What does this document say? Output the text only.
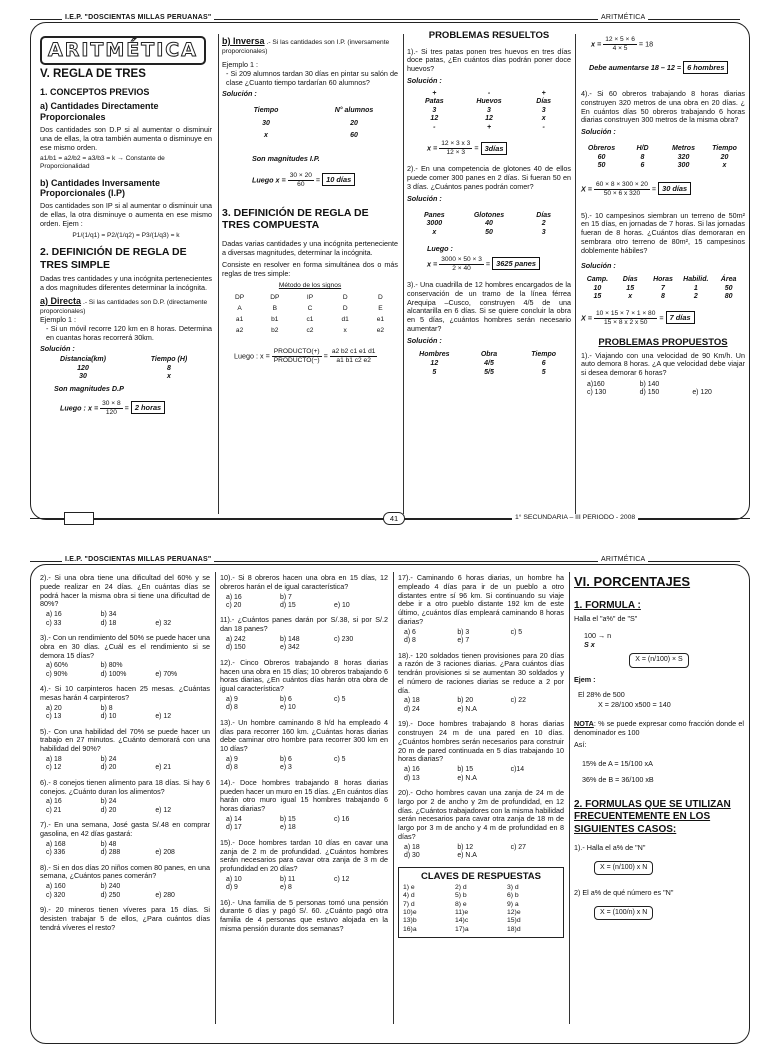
I.E.P. "DOSCIENTAS MILLAS PERUANAS"	ARITMÉTICA
ARITMÉTICA
V. REGLA DE TRES
1. CONCEPTOS PREVIOS
a) Cantidades Directamente Proporcionales

Dos cantidades son D.P si al aumentar o disminuir una de ellas, la otra también aumenta o disminuye en ese mismo orden.

a1/b1 = a2/b2 = a3/b3 = k → Constante de Proporcionalidad
b) Cantidades Inversamente Proporcionales (I.P)

Dos cantidades son IP si al aumentar o disminuir una de ellas, la otra disminuye o aumenta en ese mismo orden. Ejem :

P1/(1/q1) = P2/(1/q2) = P3/(1/q3) = k
2. DEFINICIÓN DE REGLA DE TRES SIMPLE

Dadas tres cantidades y una incógnita pertenecientes a dos magnitudes diferentes determinar la incógnita.

a) Directa .- Si las cantidades son D.P. (directamente proporcionales)
Ejemplo 1 :

- Si un móvil recorre 120 km en 8 horas. Determina en cuantas horas recorrerá 30km.

Solución :
Distancia(km)	Tiempo (H)
120	8
30	x
Son magnitudes D.P
Luego : $x = \frac{30 \times 8}{120} = 2$ horas
b) Inversa .- Si las cantidades son I.P. (inversamente proporcionales)
Ejemplo 1 :

- Si 209 alumnos tardan 30 días en pintar su salón de clase ¿Cuanto tiempo tardarían 60 alumnos?

Solución :
Tiempo	N° alumnos
30	20
x	60
Son magnitudes I.P.
Luego $x = \frac{30 \times 20}{60} = 10$ días
3. DEFINICIÓN DE REGLA DE TRES COMPUESTA

Dadas varias cantidades y una incógnita perteneciente a diversas magnitudes, determinar la incógnita.

Consiste en resolver en forma simultánea dos o más reglas de tres simple:

Método de los signos
DP	DP	IP	D	D
A	B	C	D	E
a1	b1	c1	d1	e1
a2	b2	c2	x	e2
Luego : $x = \frac{\text{PRODUCTO(+)}}{\text{PRODUCTO(−)}} = \frac{a2 b2 c1 e1 d1}{a1 b1 c2 e2}$
PROBLEMAS RESUELTOS

1).- Si tres patas ponen tres huevos en tres días doce patas, ¿En cuántos días podrán poner doce huevos?

Solución :
+	-	+
Patas	Huevos	Días
3	3	3
12	12	x
-	+	-
$x = \frac{12 \times 3 x 3}{12 \times 3}$ = 3días

2).- En una competencia de glotones 40 de ellos puede comer 300 panes en 2 días. Si fueran 50 en 3 días. ¿Cuántos panes podrán comer?

Solución :
Panes	Glotones	Días
3000	40	2
x	50	3
Luego :
$x = \frac{3000 \times 50 \times 3}{2 \times 40} = 3625$ panes

3).- Una cuadrilla de 12 hombres encargados de la conservación de un tramo de la línea férrea Arequipa –Cusco, construyen 4/5 de una alcantarilla en 6 días. Si se quiere concluir la obra en 5 días, ¿cuántos hombres serán necesario aumentar?

Solución :
Hombres	Obra	Tiempo
12	4/5	6
5	5/5	5
$x = \frac{12 \times 5 \times 6}{4 \times 5} = 18$
Debe aumentarse 18 – 12 = 6 hombres

4).- Si 60 obreros trabajando 8 horas diarias construyen 320 metros de una obra en 20 días. ¿ En cuántos días 50 obreros trabajando 6 horas diarias construyen 300 metros de la misma obra?

Solución :
Obreros	H/D	Metros	Tiempo
60	8	320	20
50	6	300	x
$X = \frac{60 \times 8 \times 300 \times 20}{50 \times 6 x 320} = 30$ días

5).- 10 campesinos siembran un terreno de 50m² en 15 días, en jornadas de 7 horas. Si las jornadas fueran de 8 horas. ¿Cuántos días demoraran en sembrara otro terreno de 80m², 15 campesinos doblemente hábiles?

Solución :
Camp.	Días	Horas	Habilid.	Área
10	15	7	1	50
15	x	8	2	80
$X = \frac{10 \times 15 \times 7 \times 1 \times 80}{15 \times 8 x 2 x 50} = 7$ días
PROBLEMAS PROPUESTOS

1).- Viajando con una velocidad de 90 Km/h. Un auto demora 8 horas. ¿A que velocidad debe viajar si desea demorar 6 horas?

a)160	b) 140
c) 130	d) 150	e) 120
41	1° SECUNDARIA – III PERIODO - 2008
I.E.P. "DOSCIENTAS MILLAS PERUANAS"	ARITMÉTICA

2).- Si una obra tiene una dificultad del 60% y se puede realizar en 24 días. ¿En cuántas días se podrá hacer la misma obra si tiene una dificultad de 80%?

a) 16	b) 34
c) 33	d) 18	e) 32

3).- Con un rendimiento del 50% se puede hacer una obra en 30 días. ¿Cuál es el rendimiento si se demora 15 días?

a) 60%	b) 80%
c) 90%	d) 100%	e) 70%

4).- Si 10 carpinteros hacen 25 mesas. ¿Cuántas mesas harán 4 carpinteros?

a) 20	b) 8
c) 13	d) 10	e) 12

5).- Con una habilidad del 70% se puede hacer un trabajo en 27 minutos. ¿Cuánto demorará con una habilidad del 90%?

a) 18	b) 24
c) 12	d) 20	e) 21

6).- 8 conejos tienen alimento para 18 días. Si hay 6 conejos. ¿Cuánto duran los alimentos?

a) 16	b) 24
c) 21	d) 20	e) 12

7).- En una semana, José gasta S/.48 en comprar gasolina, en 42 días gastará:

a) 168	b) 48
c) 336	d) 288	e) 208

8).- Si en dos días 20 niños comen 80 panes, en una semana, ¿Cuántos panes comerán?

a) 160	b) 240
c) 320	d) 250	e) 280

9).- 20 mineros tienen víveres para 15 días. Si desisten trabajar 5 de ellos, ¿Para cuántos días tendrá víveres el resto?

10).- Si 8 obreros hacen una obra en 15 días, 12 obreros harán el de igual característica?

a) 16	b) 7
c) 20	d) 15	e) 10

11).- ¿Cuántos panes darán por S/.38, si por S/.2 dan 18 panes?

a) 242	b) 148	c) 230
d) 150	e) 342

12).- Cinco Obreros trabajando 8 horas diarias hacen una obra en 15 días; 10 obreros trabajando 6 horas diarias, ¿En cuántos días harán otra obra de igual característica?

a) 9	b) 6	c) 5
d) 8	e) 10

13).- Un hombre caminando 8 h/d ha empleado 4 días para recorrer 160 km. ¿Cuántas horas diarias debe caminar otro hombre para recorrer 300 km en 10 días?

a) 9	b) 6	c) 5
d) 8	e) 3

14).- Doce hombres trabajando 8 horas diarias pueden hacer un muro en 15 días. ¿En cuántos días harán otro muro igual 15 hombres trabajando 6 horas diarias?

a) 14	b) 15	c) 16
d) 17	e) 18

15).- Doce hombres tardan 10 días en cavar una zanja de 2 m de profundidad. ¿Cuántos hombres serán necesarios para cavar otra zanja de 3 m de profundidad en 20 días?

a) 10	b) 11	c) 12
d) 9	e) 8

16).- Una familia de 5 personas tomó una pensión durante 6 días y pagó S/. 60. ¿Cuánto pagó otra familia de 4 personas que estuvo alojada en la misma pensión durante dos semanas?

17).- Caminando 6 horas diarias, un hombre ha empleado 4 días para ir de un pueblo a otro distantes entre sí 96 km. Si continuando su viaje debe ir a otro pueblo distante 192 km de este último, ¿cuántos días empleará caminando 8 horas diarias?

a) 6	b) 3	c) 5
d) 8	e) 7

18).- 120 soldados tienen provisiones para 20 días a razón de 3 raciones diarias. ¿Para cuántos días tendrán provisiones si se aumentan 30 soldados y el número de raciones diarias se reduce a 2 por día.

a) 18	b) 20	c) 22
d) 24	e) N.A

19).- Doce hombres trabajando 8 horas diarias construyen 24 m de una pared en 10 días. ¿Cuántos hombres serán necesarios para construir 20 m de pared continuada en 5 días trabajando 10 horas diarias?

a) 16	b) 15	c)14
d) 13	e) N.A

20).- Ocho hombres cavan una zanja de 24 m de largo por 2 de ancho y 2m de profundidad, en 12 días. ¿Cuántos trabajadores con la misma habilidad serán necesarios para cavar otra zanja de 18 m de largo por 3 m de ancho y 4 m de profundidad en 8 días?

a) 18	b) 12	c) 27
d) 30	e) N.A
CLAVES DE RESPUESTAS
1) e	2) d	3) d
4) d	5) b	6) b
7) d	8) e	9) a
10)e	11)e	12)e
13)b	14)c	15)d
16)a	17)a	18)d
VI. PORCENTAJES
1. FORMULA :
Halla el "a%" de "S"
100 → n
S x
X = (n/100) × S
Ejem :
El 28% de 500
X = 28/100 x500 = 140

NOTA: % se puede expresar como fracción donde el denominador es 100

Así:
15% de A = 15/100 xA
36% de B = 36/100 xB
2. FORMULAS QUE SE UTILIZAN FRECUENTEMENTE EN LOS SIGUIENTES CASOS:
1).- Halla el a% de "N"
X = (n/100) x N
2) El a% de qué número es "N"
X = (100/n) x N
